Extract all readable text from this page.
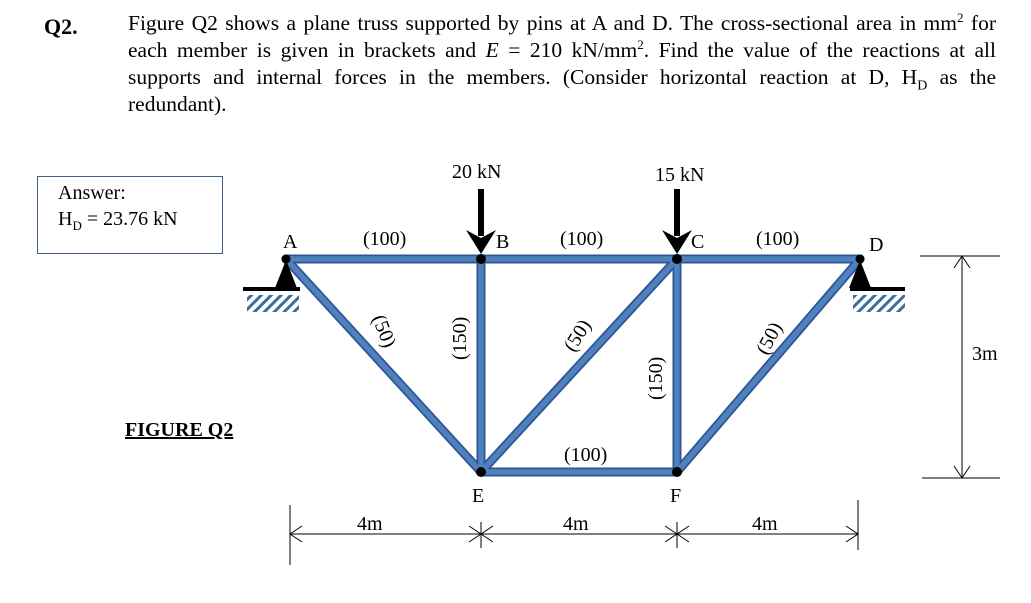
Q2. Figure Q2 shows a plane truss supported by pins at A and D. The cross-sectional area in $mm^2$ for each member is given in brackets and E = 210 $kN/mm^2$. Find the value of the reactions at all supports and internal forces in the members. (Consider horizontal reaction at D, $H_D$ as the redundant).
Answer:
$H_D = 23.76$ kN
FIGURE Q2
20 kN	15 kN
A	B	C	D
E	F
(100)	(100)	(100)
(50) (150)	(50)
(150)
(50)
(100)
4m	4m	4m
3m
